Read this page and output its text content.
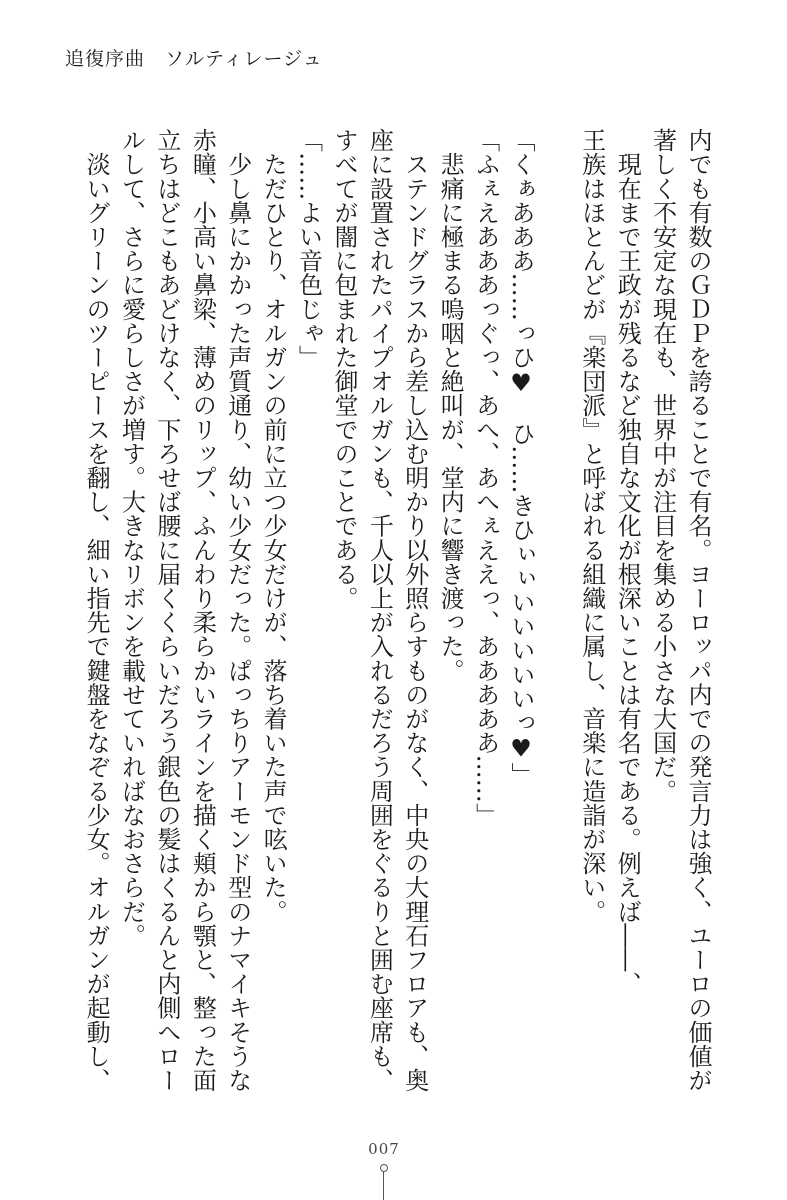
追復序曲　ソルティレージュ
内でも有数のＧＤＰを誇ることで有名。ヨーロッパ内での発言力は強く、ユーロの価値が
著しく不安定な現在も、世界中が注目を集める小さな大国だ。
　現在まで王政が残るなど独自な文化が根深いことは有名である。例えば――、
王族はほとんどが『楽団派』と呼ばれる組織に属し、音楽に造詣が深い。
「くぁあああ……っひ♥　ひ……きひぃぃいいいいいっ♥」
「ふぇえあああっぐっ、あへ、あへぇええっ、あああああ……」
　悲痛に極まる嗚咽と絶叫が、堂内に響き渡った。
　ステンドグラスから差し込む明かり以外照らすものがなく、中央の大理石フロアも、奥
座に設置されたパイプオルガンも、千人以上が入れるだろう周囲をぐるりと囲む座席も、
すべてが闇に包まれた御堂でのことである。
「……よい音色じゃ」
　ただひとり、オルガンの前に立つ少女だけが、落ち着いた声で呟いた。
　少し鼻にかかった声質通り、幼い少女だった。ぱっちりアーモンド型のナマイキそうな
赤瞳、小高い鼻梁、薄めのリップ、ふんわり柔らかいラインを描く頬から顎と、整った面
立ちはどこもあどけなく、下ろせば腰に届くくらいだろう銀色の髪はくるんと内側へロー
ルして、さらに愛らしさが増す。大きなリボンを載せていればなおさらだ。
　淡いグリーンのツーピースを翻し、細い指先で鍵盤をなぞる少女。オルガンが起動し、
007
